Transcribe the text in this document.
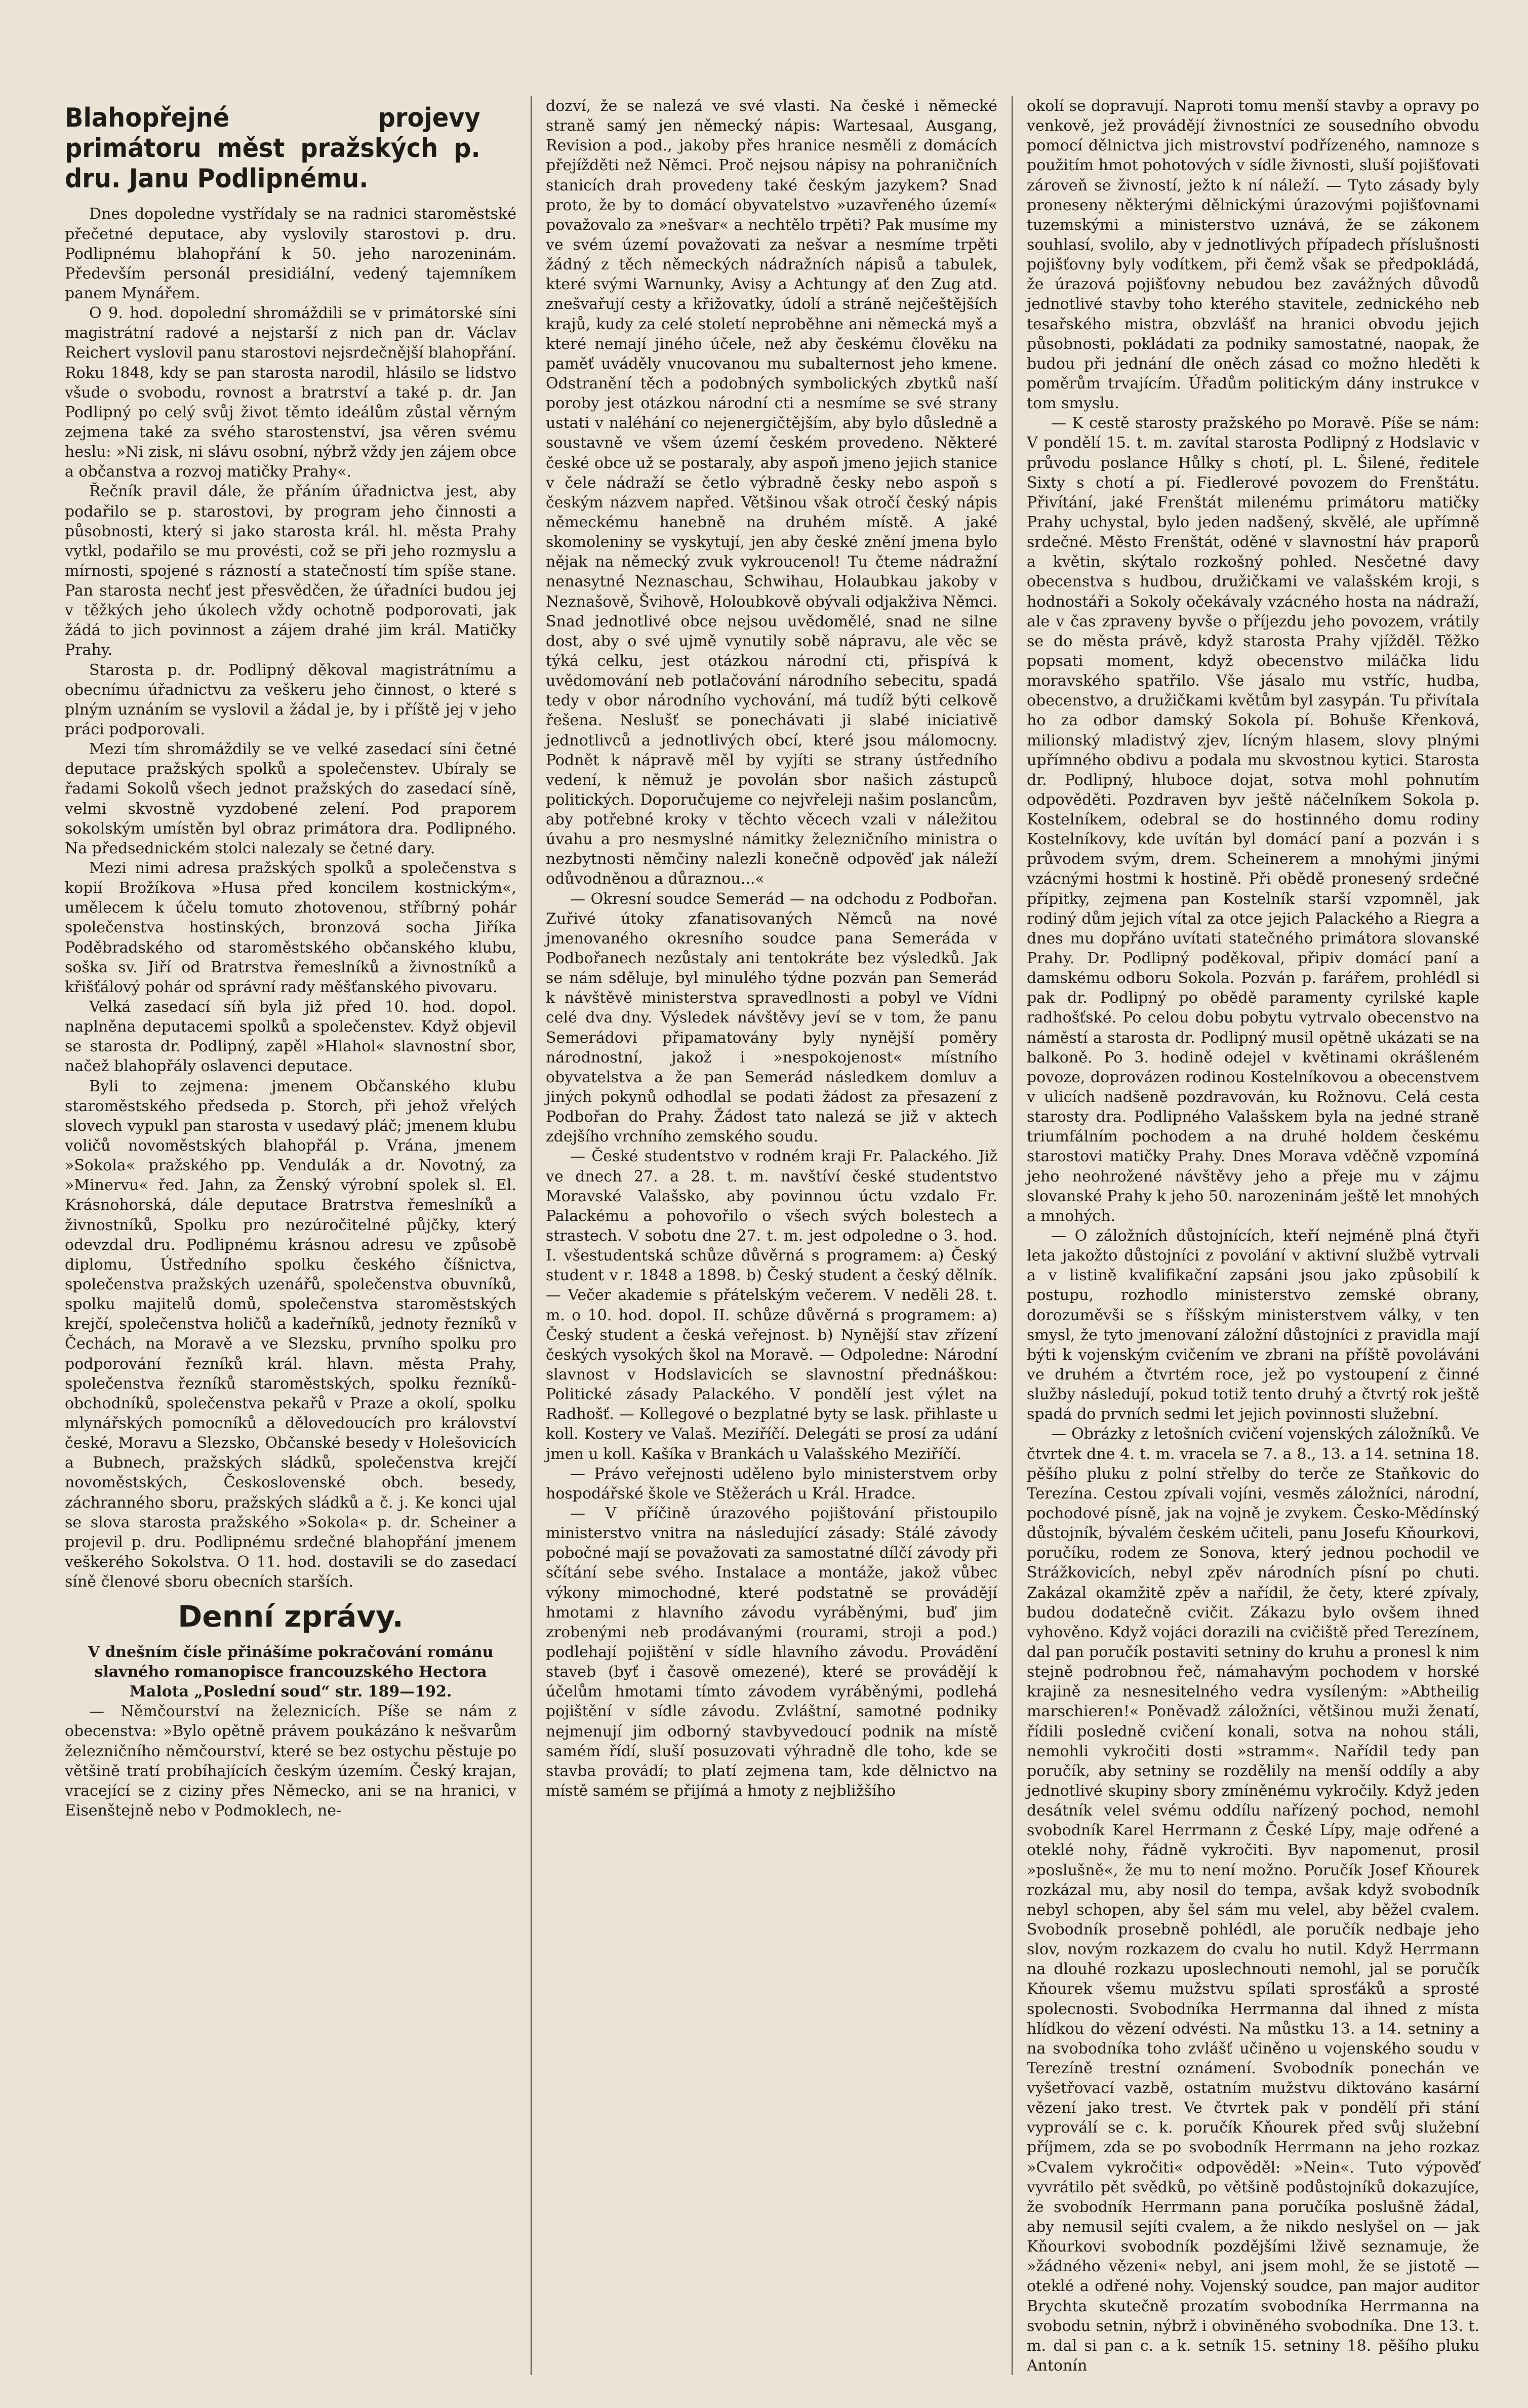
Blahopřejné projevy primátoru měst pražských p. dru. Janu Podlipnému.

Dnes dopoledne vystřídaly se na radnici staroměstské přečetné deputace, aby vyslovily starostovi p. dru. Podlipnému blahopřání k 50. jeho narozeninám. Především personál presidiální, vedený tajemníkem panem Mynářem.

O 9. hod. dopolední shromáždili se v primátorské síni magistrátní radové a nejstarší z nich pan dr. Václav Reichert vyslovil panu starostovi nejsrdečnější blahopřání. Roku 1848, kdy se pan starosta narodil, hlásilo se lidstvo všude o svobodu, rovnost a bratrství a také p. dr. Jan Podlipný po celý svůj život těmto ideálům zůstal věrným zejmena také za svého starostenství, jsa věren svému heslu: »Ni zisk, ni slávu osobní, nýbrž vždy jen zájem obce a občanstva a rozvoj matičky Prahy«.

Řečník pravil dále, že přáním úřadnictva jest, aby podařilo se p. starostovi, by program jeho činnosti a působnosti, který si jako starosta král. hl. města Prahy vytkl, podařilo se mu provésti, což se při jeho rozmyslu a mírnosti, spojené s rázností a statečností tím spíše stane. Pan starosta nechť jest přesvědčen, že úřadníci budou jej v těžkých jeho úkolech vždy ochotně podporovati, jak žádá to jich povinnost a zájem drahé jim král. Matičky Prahy.

Starosta p. dr. Podlipný děkoval magistrátnímu a obecnímu úřadnictvu za veškeru jeho činnost, o které s plným uznáním se vyslovil a žádal je, by i příště jej v jeho práci podporovali.

Mezi tím shromáždily se ve velké zasedací síni četné deputace pražských spolků a společenstev. Ubíraly se řadami Sokolů všech jednot pražských do zasedací síně, velmi skvostně vyzdobené zelení. Pod praporem sokolským umístěn byl obraz primátora dra. Podlipného. Na předsednickém stolci nalezaly se četné dary.

Mezi nimi adresa pražských spolků a společenstva s kopií Brožíkova »Husa před koncilem kostnickým«, umělecem k účelu tomuto zhotovenou, stříbrný pohár společenstva hostinských, bronzová socha Jiříka Poděbradského od staroměstského občanského klubu, soška sv. Jiří od Bratrstva řemeslníků a živnostníků a křišťálový pohár od správní rady měšťanského pivovaru.

Velká zasedací síň byla již před 10. hod. dopol. naplněna deputacemi spolků a společenstev. Když objevil se starosta dr. Podlipný, zapěl »Hlahol« slavnostní sbor, načež blahopřály oslavenci deputace.

Byli to zejmena: jmenem Občanského klubu staroměstského předseda p. Storch, při jehož vřelých slovech vypukl pan starosta v usedavý pláč; jmenem klubu voličů novoměstských blahopřál p. Vrána, jmenem »Sokola« pražského pp. Vendulák a dr. Novotný, za »Minervu« řed. Jahn, za Ženský výrobní spolek sl. El. Krásnohorská, dále deputace Bratrstva řemeslníků a živnostníků, Spolku pro nezúročitelné půjčky, který odevzdal dru. Podlipnému krásnou adresu ve způsobě diplomu, Ústředního spolku českého číšnictva, společenstva pražských uzenářů, společenstva obuvníků, spolku majitelů domů, společenstva staroměstských krejčí, společenstva holičů a kadeřníků, jednoty řezníků v Čechách, na Moravě a ve Slezsku, prvního spolku pro podporování řezníků král. hlavn. města Prahy, společenstva řezníků staroměstských, spolku řezníků-obchodníků, společenstva pekařů v Praze a okolí, spolku mlynářských pomocníků a dělovedoucích pro království české, Moravu a Slezsko, Občanské besedy v Holešovicích a Bubnech, pražských sládků, společenstva krejčí novoměstských, Československé obch. besedy, záchranného sboru, pražských sládků a č. j. Ke konci ujal se slova starosta pražského »Sokola« p. dr. Scheiner a projevil p. dru. Podlipnému srdečné blahopřání jmenem veškerého Sokolstva. O 11. hod. dostavili se do zasedací síně členové sboru obecních starších.

Denní zprávy.

V dnešním čísle přinášíme pokračování románu slavného romanopisce francouzského Hectora Malota „Poslední soud“ str. 189—192.

— Němčourství na železnicích. Píše se nám z obecenstva: »Bylo opětně právem poukázáno k nešvarům železničního němčourství, které se bez ostychu pěstuje po většině tratí probíhajících českým územím. Český krajan, vracející se z ciziny přes Německo, ani se na hranici, v Eisenštejně nebo v Podmoklech, ne-

dozví, že se nalezá ve své vlasti. Na české i německé straně samý jen německý nápis: Wartesaal, Ausgang, Revision a pod., jakoby přes hranice nesměli z domácích přejížděti než Němci. Proč nejsou nápisy na pohraničních stanicích drah provedeny také českým jazykem? Snad proto, že by to domácí obyvatelstvo »uzavřeného území« považovalo za »nešvar« a nechtělo trpěti? Pak musíme my ve svém území považovati za nešvar a nesmíme trpěti žádný z těch německých nádražních nápisů a tabulek, které svými Warnunky, Avisy a Achtungy ať den Zug atd. znešvařují cesty a křižovatky, údolí a stráně nejčeštějších krajů, kudy za celé století neproběhne ani německá myš a které nemají jiného účele, než aby českému člověku na paměť uváděly vnucovanou mu subalternost jeho kmene. Odstranění těch a podobných symbolických zbytků naší poroby jest otázkou národní cti a nesmíme se své strany ustati v naléhání co nejenergičtějším, aby bylo důsledně a soustavně ve všem území českém provedeno. Některé české obce už se postaraly, aby aspoň jmeno jejich stanice v čele nádraží se četlo výbradně česky nebo aspoň s českým názvem napřed. Většinou však otročí český nápis německému hanebně na druhém místě. A jaké skomoleniny se vyskytují, jen aby české znění jmena bylo nějak na německý zvuk vykroucenol! Tu čteme nádražní nenasytné Neznaschau, Schwihau, Holaubkau jakoby v Neznašově, Švihově, Holoubkově obývali odjakživa Němci. Snad jednotlivé obce nejsou uvědomělé, snad ne silne dost, aby o své ujmě vynutily sobě nápravu, ale věc se týká celku, jest otázkou národní cti, přispívá k uvědomování neb potlačování národního sebecitu, spadá tedy v obor národního vychování, má tudíž býti celkově řešena. Neslušť se ponechávati ji slabé iniciativě jednotlivců a jednotlivých obcí, které jsou málomocny. Podnět k nápravě měl by vyjíti se strany ústředního vedení, k němuž je povolán sbor našich zástupců politických. Doporučujeme co nejvřeleji našim poslancům, aby potřebné kroky v těchto věcech vzali v náležitou úvahu a pro nesmyslné námitky železničního ministra o nezbytnosti němčiny nalezli konečně odpověď jak náleží odůvodněnou a důraznou...«

— Okresní soudce Semerád — na odchodu z Podbořan. Zuřivé útoky zfanatisovaných Němců na nové jmenovaného okresního soudce pana Semeráda v Podbořanech nezůstaly ani tentokráte bez výsledků. Jak se nám sděluje, byl minulého týdne pozván pan Semerád k návštěvě ministerstva spravedlnosti a pobyl ve Vídni celé dva dny. Výsledek návštěvy jeví se v tom, že panu Semerádovi připamatovány byly nynější poměry národnostní, jakož i »nespokojenost« místního obyvatelstva a že pan Semerád následkem domluv a jiných pokynů odhodlal se podati žádost za přesazení z Podbořan do Prahy. Žádost tato nalezá se již v aktech zdejšího vrchního zemského soudu.

— České studentstvo v rodném kraji Fr. Palackého. Již ve dnech 27. a 28. t. m. navštíví české studentstvo Moravské Valašsko, aby povinnou úctu vzdalo Fr. Palackému a pohovořilo o všech svých bolestech a strastech. V sobotu dne 27. t. m. jest odpoledne o 3. hod. I. všestudentská schůze důvěrná s programem: a) Český student v r. 1848 a 1898. b) Český student a český dělník. — Večer akademie s přátelským večerem. V neděli 28. t. m. o 10. hod. dopol. II. schůze důvěrná s programem: a) Český student a česká veřejnost. b) Nynější stav zřízení českých vysokých škol na Moravě. — Odpoledne: Národní slavnost v Hodslavicích se slavnostní přednáškou: Politické zásady Palackého. V pondělí jest výlet na Radhošť. — Kollegové o bezplatné byty se lask. přihlaste u koll. Kostery ve Valaš. Meziříčí. Delegáti se prosí za udání jmen u koll. Kašíka v Brankách u Valašského Meziříčí.

— Právo veřejnosti udělenо bylo ministerstvem orby hospodářské škole ve Stěžerách u Král. Hradce.

— V příčině úrazového pojištování přistoupilo ministerstvo vnitra na následující zásady: Stálé závody pobočné mají se považovati za samostatné dílčí závody při sčítání sebe svého. Instalace a montáže, jakož vůbec výkony mimochodné, které podstatně se provádějí hmotami z hlavního závodu vyráběnými, buď jim zrobenými neb prodávanými (rourami, stroji a pod.) podlehají pojištění v sídle hlavního závodu. Provádění staveb (byť i časově omezené), které se provádějí k účelům hmotami tímto závodem vyráběnými, podlehá pojištění v sídle závodu. Zvláštní, samotné podniky nejmenují jim odborný stavbyvedoucí podnik na místě samém řídí, sluší posuzovati výhradně dle toho, kde se stavba provádí; to platí zejmena tam, kde dělnictvo na místě samém se přijímá a hmoty z nejbližšího

okolí se dopravují. Naproti tomu menší stavby a opravy po venkově, jež provádějí živnostníci ze sousedního obvodu pomocí dělnictva jich mistrovství podřízeného, namnoze s použitím hmot pohotových v sídle živnosti, sluší pojišťovati zároveň se živností, ježto k ní náleží. — Tyto zásady byly proneseny některými dělnickými úrazovými pojišťovnami tuzemskými a ministerstvo uznává, že se zákonem souhlasí, svolilo, aby v jednotlivých případech příslušnosti pojišťovny byly vodítkem, při čemž však se předpokládá, že úrazová pojišťovny nebudou bez zavážných důvodů jednotlivé stavby toho kterého stavitele, zednického neb tesařského mistra, obzvlášť na hranici obvodu jejich působnosti, pokládati za podniky samostatné, naopak, že budou při jednání dle oněch zásad co možno hleděti k poměrům trvajícím. Úřadům politickým dány instrukce v tom smyslu.

— K cestě starosty pražského po Moravě. Píše se nám: V pondělí 15. t. m. zavítal starosta Podlipný z Hodslavic v průvodu poslance Hůlky s chotí, pl. L. Šilené, ředitele Sixty s chotí a pí. Fiedlerové povozem do Frenštátu. Přivítání, jaké Frenštát milenému primátoru matičky Prahy uchystal, bylo jeden nadšený, skvělé, ale upřímně srdečné. Město Frenštát, oděné v slavnostní háv praporů a květin, skýtalo rozkošný pohled. Nesčetné davy obecenstva s hudbou, družičkami ve valašském kroji, s hodnostáři a Sokoly očekávaly vzácného hosta na nádraží, ale v čas zpraveny byvše o příjezdu jeho povozem, vrátily se do města právě, když starosta Prahy vjížděl. Těžko popsati moment, když obecenstvo miláčka lidu moravského spatřilo. Vše jásalo mu vstříc, hudba, obecenstvo, a družičkami květům byl zasypán. Tu přivítala ho za odbor damský Sokola pí. Bohuše Křenková, milionský mladistvý zjev, lícným hlasem, slovy plnými upřímného obdivu a podala mu skvostnou kytici. Starosta dr. Podlipný, hluboce dojat, sotva mohl pohnutím odpověděti. Pozdraven byv ještě náčelníkem Sokola p. Kostelníkem, odebral se do hostinného domu rodiny Kostelníkovy, kde uvítán byl domácí paní a pozván i s průvodem svým, drem. Scheinerem a mnohými jinými vzácnými hostmi k hostině. Při obědě pronesený srdečné přípitky, zejmena pan Kostelník starší vzpomněl, jak rodiný dům jejich vítal za otce jejich Palackého a Riegra a dnes mu dopřáno uvítati statečného primátora slovanské Prahy. Dr. Podlipný poděkoval, připiv domácí paní a damskému odboru Sokola. Pozván p. farářem, prohlédl si pak dr. Podlipný po obědě paramenty cyrilské kaple radhošťské. Po celou dobu pobytu vytrvalo obecenstvo na náměstí a starosta dr. Podlipný musil opětně ukázati se na balkoně. Po 3. hodině odejel v květinami okrášleném povoze, doprovázen rodinou Kostelníkovou a obecenstvem v ulicích nadšeně pozdravován, ku Rožnovu. Celá cesta starosty dra. Podlipného Valašskem byla na jedné straně triumfálním pochodem a na druhé holdem českému starostovi matičky Prahy. Dnes Morava vděčně vzpomíná jeho neohrožené návštěvy jeho a přeje mu v zájmu slovanské Prahy k jeho 50. narozeninám ještě let mnohých a mnohých.

— O záložních důstojnících, kteří nejméně plná čtyři leta jakožto důstojníci z povolání v aktivní službě vytrvali a v listině kvalifikační zapsáni jsou jako způsobilí k postupu, rozhodlo ministerstvo zemské obrany, dorozuměvši se s říšským ministerstvem války, v ten smysl, že tyto jmenovaní záložní důstojníci z pravidla mají býti k vojenským cvičením ve zbrani na příště povoláváni ve druhém a čtvrtém roce, jež po vystoupení z činné služby následují, pokud totiž tento druhý a čtvrtý rok ještě spadá do prvních sedmi let jejich povinnosti služební.

— Obrázky z letošních cvičení vojenských záložníků. Ve čtvrtek dne 4. t. m. vracela se 7. a 8., 13. a 14. setnina 18. pěšího pluku z polní střelby do terče ze Staňkovic do Terezína. Cestou zpívali vojíni, vesměs záložníci, národní, pochodové písně, jak na vojně je zvykem. Česko-Mědínský důstojník, bývalém českém učiteli, panu Josefu Kňourkovi, poručíku, rodem ze Sonova, který jednou pochodil ve Strážkovicích, nebyl zpěv národních písní po chuti. Zakázal okamžitě zpěv a nařídil, že čety, které zpívaly, budou dodatečně cvičit. Zákazu bylo ovšem ihned vyhověno. Když vojáci dorazili na cvičiště před Terezínem, dal pan poručík postaviti setniny do kruhu a pronesl k nim stejně podrobnou řeč, námahavým pochodem v horské krajině za nesnesitelného vedra vysíleným: »Abtheilig marschieren!« Poněvadž záložníci, většinou muži ženatí, řídili posledně cvičení konali, sotva na nohou stáli, nemohli vykročiti dosti »stramm«. Nařídil tedy pan poručík, aby setniny se rozdělily na menší oddíly a aby jednotlivé skupiny sbory zmíněnému vykročily. Když jeden desátník velel svému oddílu nařízený pochod, nemohl svobodník Karel Herrmann z České Lípy, maje odřené a oteklé nohy, řádně vykročiti. Byv napomenut, prosil »poslušně«, že mu to není možno. Poručík Josef Kňourek rozkázal mu, aby nosil do tempa, avšak když svobodník nebyl schopen, aby šel sám mu velel, aby běžel cvalem. Svobodník prosebně pohlédl, ale poručík nedbaje jeho slov, novým rozkazem do cvalu ho nutil. Když Herrmann na dlouhé rozkazu uposlechnouti nemohl, jal se poručík Kňourek všemu mužstvu spílati sprosťáků a sprosté spolecnosti. Svobodníka Herrmanna dal ihned z místa hlídkou do vězení odvésti. Na můstku 13. a 14. setniny a na svobodníka toho zvlášť učiněno u vojenského soudu v Terezíně trestní oznámení. Svobodník ponechán ve vyšetřovací vazbě, ostatním mužstvu diktováno kasární vězení jako trest. Ve čtvrtek pak v pondělí při stání vyproválí se c. k. poručík Kňourek před svůj služební příjmem, zda se po svobodník Herrmann na jeho rozkaz »Cvalem vykročiti« odpověděl: »Nein«. Tuto výpověď vyvrátilo pět svědků, po většině podůstojníků dokazujíce, že svobodník Herrmann pana poručíka poslušně žádal, aby nemusil sejíti cvalem, a že nikdo neslyšel on — jak Kňourkovi svobodník pozdějšími lživě seznamuje, že »žádného vězeni« nebyl, ani jsem mohl, že se jistotě — oteklé a odřené nohy. Vojenský soudce, pan major auditor Brychta skutečně prozatím svobodníka Herrmanna na svobodu setnin, nýbrž i obviněného svobodníka. Dne 13. t. m. dal si pan c. a k. setník 15. setniny 18. pěšího pluku Antonín
